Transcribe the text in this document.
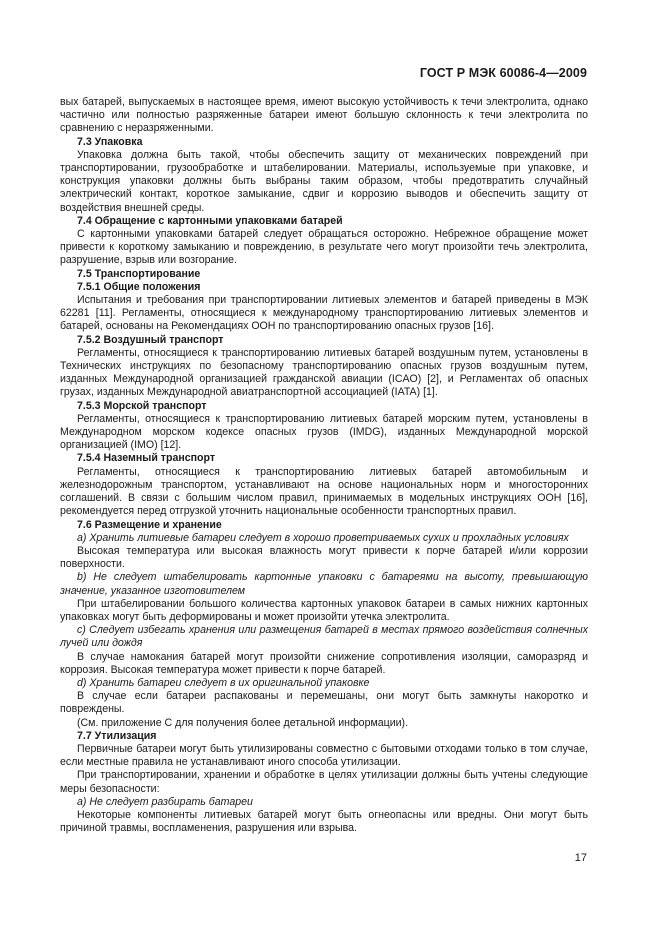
ГОСТ Р МЭК 60086-4—2009

вых батарей, выпускаемых в настоящее время, имеют высокую устойчивость к течи электролита, однако частично или полностью разряженные батареи имеют большую склонность к течи электролита по сравнению с неразряженными.

7.3 Упаковка

Упаковка должна быть такой, чтобы обеспечить защиту от механических повреждений при транспортировании, грузообработке и штабелировании. Материалы, используемые при упаковке, и конструкция упаковки должны быть выбраны таким образом, чтобы предотвратить случайный электрический контакт, короткое замыкание, сдвиг и коррозию выводов и обеспечить защиту от воздействия внешней среды.

7.4 Обращение с картонными упаковками батарей

С картонными упаковками батарей следует обращаться осторожно. Небрежное обращение может привести к короткому замыканию и повреждению, в результате чего могут произойти течь электролита, разрушение, взрыв или возгорание.

7.5 Транспортирование
7.5.1 Общие положения

Испытания и требования при транспортировании литиевых элементов и батарей приведены в МЭК 62281 [11]. Регламенты, относящиеся к международному транспортированию литиевых элементов и батарей, основаны на Рекомендациях ООН по транспортированию опасных грузов [16].

7.5.2 Воздушный транспорт

Регламенты, относящиеся к транспортированию литиевых батарей воздушным путем, установлены в Технических инструкциях по безопасному транспортированию опасных грузов воздушным путем, изданных Международной организацией гражданской авиации (ICAO) [2], и Регламентах об опасных грузах, изданных Международной авиатранспортной ассоциацией (IATA) [1].

7.5.3 Морской транспорт

Регламенты, относящиеся к транспортированию литиевых батарей морским путем, установлены в Международном морском кодексе опасных грузов (IMDG), изданных Международной морской организацией (IMO) [12].

7.5.4 Наземный транспорт

Регламенты, относящиеся к транспортированию литиевых батарей автомобильным и железнодорожным транспортом, устанавливают на основе национальных норм и многосторонних соглашений. В связи с большим числом правил, принимаемых в модельных инструкциях ООН [16], рекомендуется перед отгрузкой уточнить национальные особенности транспортных правил.

7.6 Размещение и хранение

а) Хранить литиевые батареи следует в хорошо проветриваемых сухих и прохладных условиях

Высокая температура или высокая влажность могут привести к порче батарей и/или коррозии поверхности.

b) Не следует штабелировать картонные упаковки с батареями на высоту, превышающую значение, указанное изготовителем

При штабелировании большого количества картонных упаковок батареи в самых нижних картонных упаковках могут быть деформированы и может произойти утечка электролита.

с) Следует избегать хранения или размещения батарей в местах прямого воздействия солнечных лучей или дождя

В случае намокания батарей могут произойти снижение сопротивления изоляции, саморазряд и коррозия. Высокая температура может привести к порче батарей.

d) Хранить батареи следует в их оригинальной упаковке

В случае если батареи распакованы и перемешаны, они могут быть замкнуты накоротко и повреждены.

(См. приложение С для получения более детальной информации).

7.7 Утилизация

Первичные батареи могут быть утилизированы совместно с бытовыми отходами только в том случае, если местные правила не устанавливают иного способа утилизации.

При транспортировании, хранении и обработке в целях утилизации должны быть учтены следующие меры безопасности:

а) Не следует разбирать батареи

Некоторые компоненты литиевых батарей могут быть огнеопасны или вредны. Они могут быть причиной травмы, воспламенения, разрушения или взрыва.

17
